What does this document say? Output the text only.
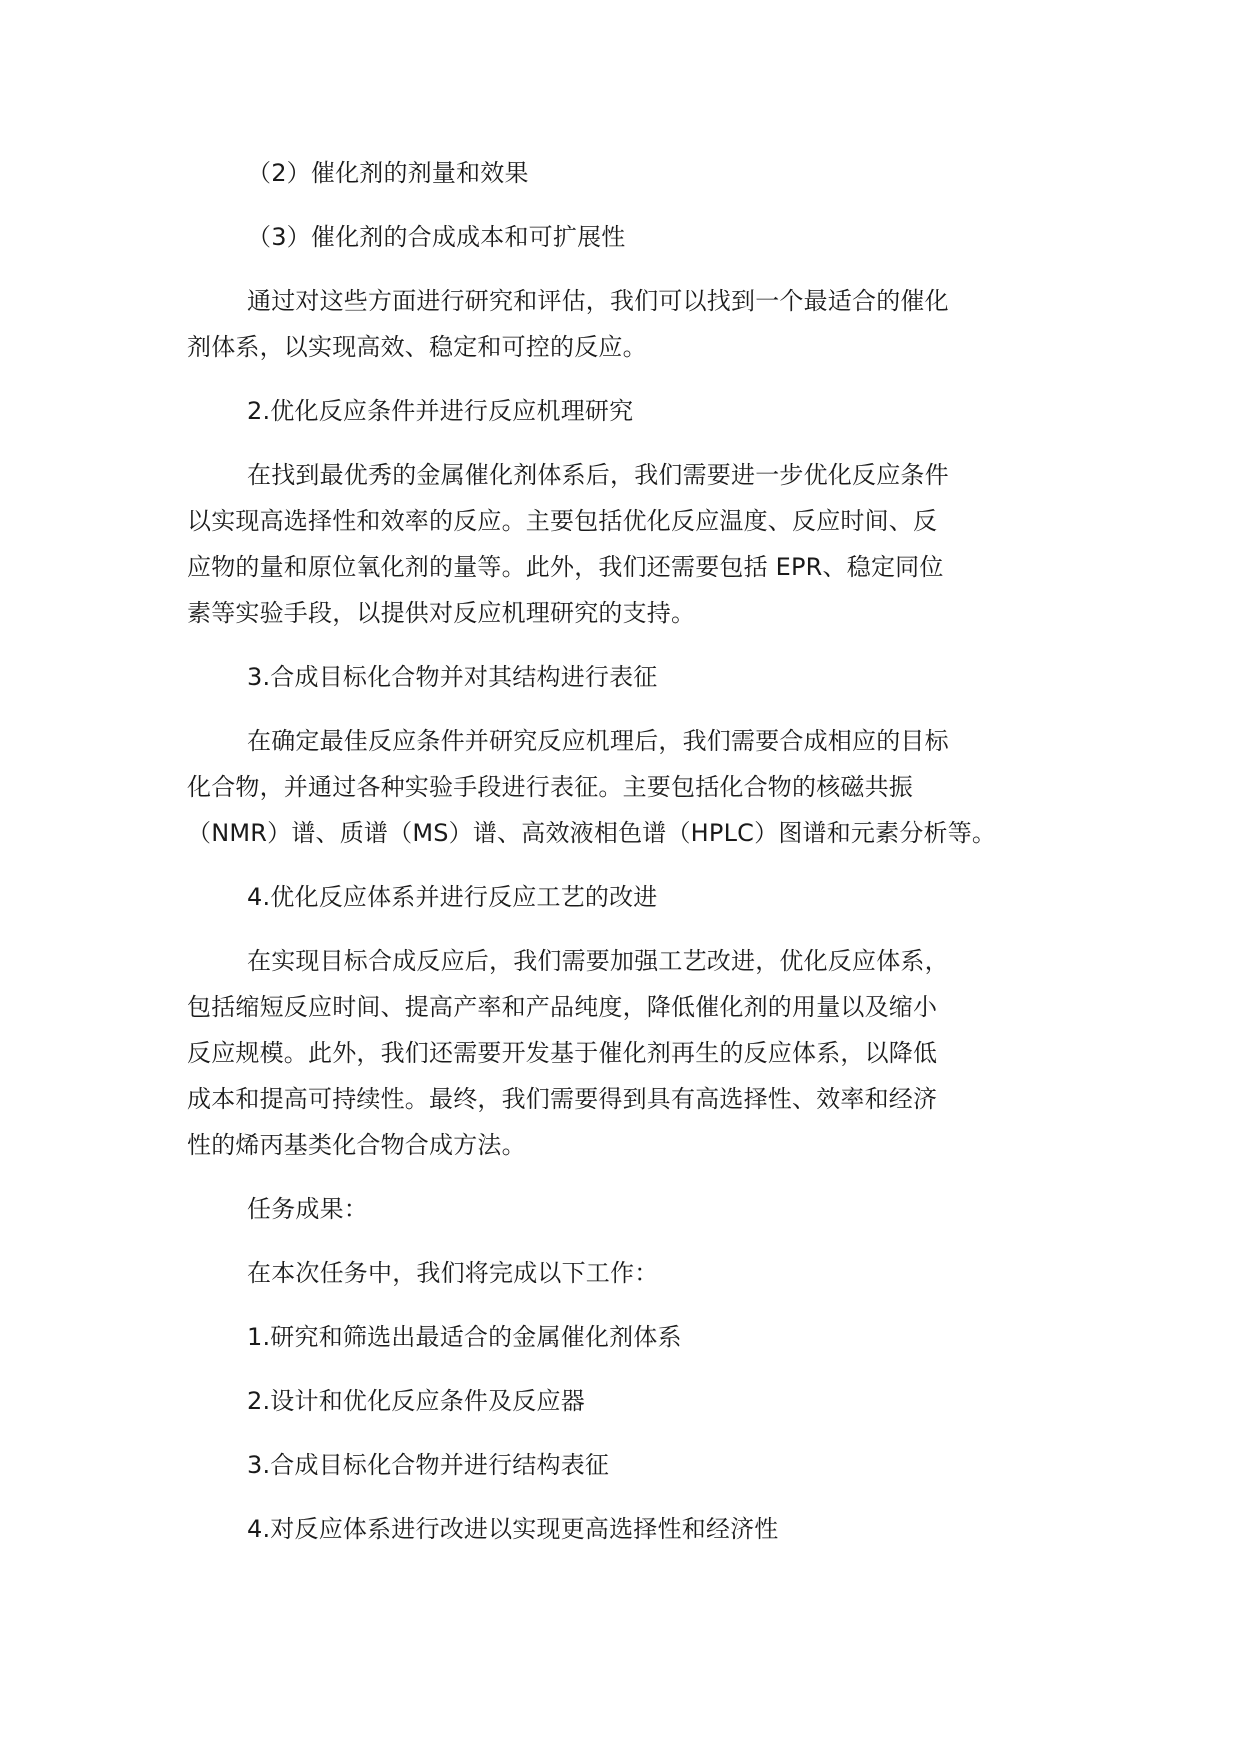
（2）催化剂的剂量和效果

（3）催化剂的合成成本和可扩展性

通过对这些方面进行研究和评估，我们可以找到一个最适合的催化
剂体系，以实现高效、稳定和可控的反应。

2.优化反应条件并进行反应机理研究

在找到最优秀的金属催化剂体系后，我们需要进一步优化反应条件
以实现高选择性和效率的反应。主要包括优化反应温度、反应时间、反
应物的量和原位氧化剂的量等。此外，我们还需要包括 EPR、稳定同位
素等实验手段，以提供对反应机理研究的支持。

3.合成目标化合物并对其结构进行表征

在确定最佳反应条件并研究反应机理后，我们需要合成相应的目标
化合物，并通过各种实验手段进行表征。主要包括化合物的核磁共振
（NMR）谱、质谱（MS）谱、高效液相色谱（HPLC）图谱和元素分析等。

4.优化反应体系并进行反应工艺的改进

在实现目标合成反应后，我们需要加强工艺改进，优化反应体系，
包括缩短反应时间、提高产率和产品纯度，降低催化剂的用量以及缩小
反应规模。此外，我们还需要开发基于催化剂再生的反应体系，以降低
成本和提高可持续性。最终，我们需要得到具有高选择性、效率和经济
性的烯丙基类化合物合成方法。

任务成果：

在本次任务中，我们将完成以下工作：

1.研究和筛选出最适合的金属催化剂体系

2.设计和优化反应条件及反应器

3.合成目标化合物并进行结构表征

4.对反应体系进行改进以实现更高选择性和经济性
